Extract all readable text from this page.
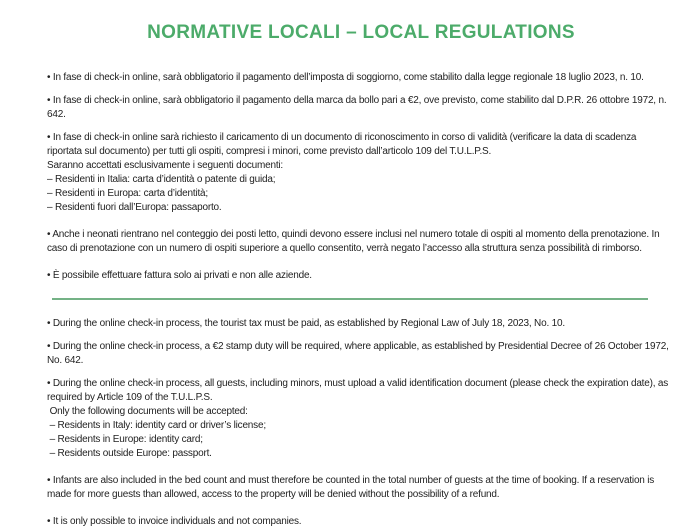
NORMATIVE LOCALI – LOCAL REGULATIONS

• In fase di check-in online, sarà obbligatorio il pagamento dell’imposta di soggiorno, come stabilito dalla legge regionale 18 luglio 2023, n. 10.

• In fase di check-in online, sarà obbligatorio il pagamento della marca da bollo pari a €2, ove previsto, come stabilito dal D.P.R. 26 ottobre 1972, n. 642.

• In fase di check-in online sarà richiesto il caricamento di un documento di riconoscimento in corso di validità (verificare la data di scadenza riportata sul documento) per tutti gli ospiti, compresi i minori, come previsto dall’articolo 109 del T.U.L.P.S.
Saranno accettati esclusivamente i seguenti documenti:
– Residenti in Italia: carta d’identità o patente di guida;
– Residenti in Europa: carta d’identità;
– Residenti fuori dall’Europa: passaporto.

• Anche i neonati rientrano nel conteggio dei posti letto, quindi devono essere inclusi nel numero totale di ospiti al momento della prenotazione. In caso di prenotazione con un numero di ospiti superiore a quello consentito, verrà negato l’accesso alla struttura senza possibilità di rimborso.

• È possibile effettuare fattura solo ai privati e non alle aziende.

• During the online check-in process, the tourist tax must be paid, as established by Regional Law of July 18, 2023, No. 10.

• During the online check-in process, a €2 stamp duty will be required, where applicable, as established by Presidential Decree of 26 October 1972, No. 642.

• During the online check-in process, all guests, including minors, must upload a valid identification document (please check the expiration date), as required by Article 109 of the T.U.L.P.S.
Only the following documents will be accepted:
– Residents in Italy: identity card or driver’s license;
– Residents in Europe: identity card;
– Residents outside Europe: passport.

• Infants are also included in the bed count and must therefore be counted in the total number of guests at the time of booking. If a reservation is made for more guests than allowed, access to the property will be denied without the possibility of a refund.

• It is only possible to invoice individuals and not companies.
